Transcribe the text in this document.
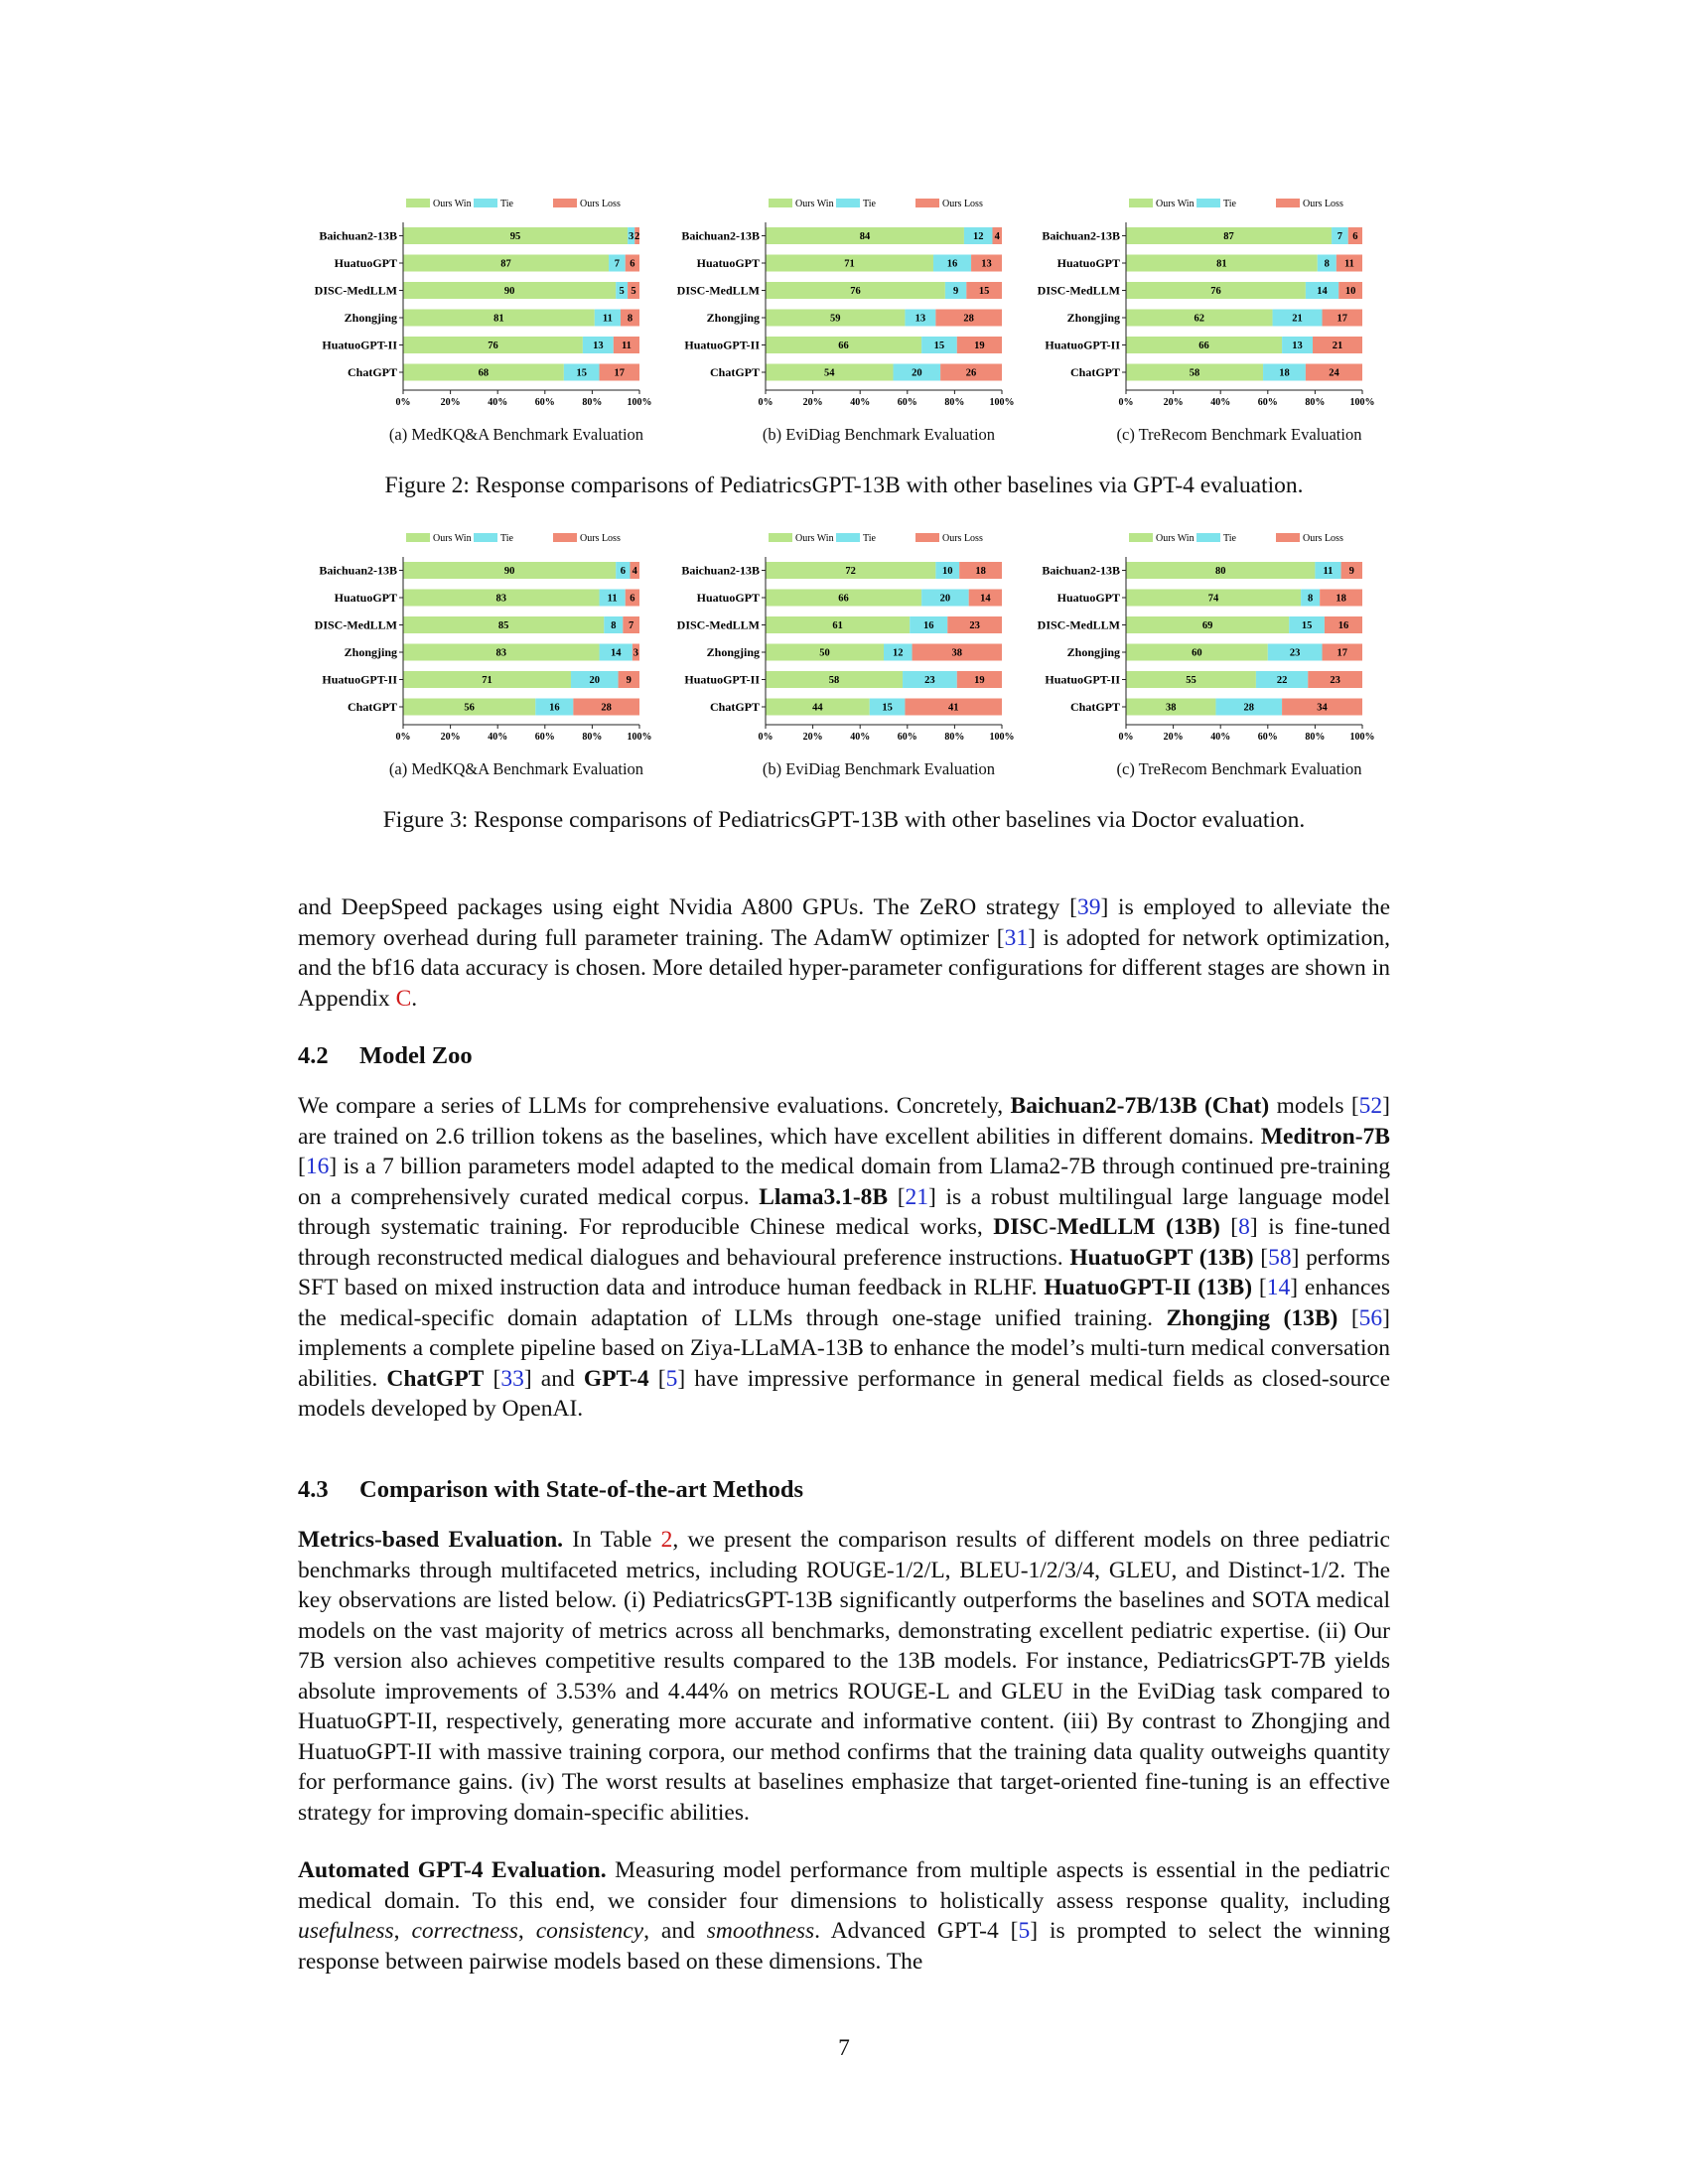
Ours Win	Tie	Ours Loss
95	3 2
Baichuan2-13B
87	7 6
HuatuoGPT
90	5 5
DISC-MedLLM
81	11 8
Zhongjing
76	13 11
HuatuoGPT-II
68	15	17
ChatGPT
0%	20%	40%	60%	80%	100%
Ours Win	Tie	Ours Loss
84	12 4
Baichuan2-13B
71	16 13
HuatuoGPT
76	9 15
DISC-MedLLM
59	13	28
Zhongjing
66	15	19
HuatuoGPT-II
54	20	26
ChatGPT
0%	20%	40%	60%	80%	100%
Ours Win	Tie	Ours Loss
87	7 6
Baichuan2-13B
81	8 11
HuatuoGPT
76	14 10
DISC-MedLLM
62	21	17
Zhongjing
66	13	21
HuatuoGPT-II
58	18	24
ChatGPT
0%	20%	40%	60%	80%	100%
(a) MedKQ&A Benchmark Evaluation	(b) EviDiag Benchmark Evaluation	(c) TreRecom Benchmark Evaluation
Figure 2: Response comparisons of PediatricsGPT-13B with other baselines via GPT-4 evaluation.
Ours Win	Tie	Ours Loss
90	6 4
Baichuan2-13B
83	11 6
HuatuoGPT
85	8 7
DISC-MedLLM
83	14 3
Zhongjing
71	20	9
HuatuoGPT-II
56	16	28
ChatGPT
0%	20%	40%	60%	80%	100%
Ours Win	Tie	Ours Loss
72	10 18
Baichuan2-13B
66	20	14
HuatuoGPT
61	16	23
DISC-MedLLM
50	12	38
Zhongjing
58	23	19
HuatuoGPT-II
44	15	41
ChatGPT
0%	20%	40%	60%	80%	100%
Ours Win	Tie	Ours Loss
80	11 9
Baichuan2-13B
74	8 18
HuatuoGPT
69	15	16
DISC-MedLLM
60	23	17
Zhongjing
55	22	23
HuatuoGPT-II
38	28	34
ChatGPT
0%	20%	40%	60%	80%	100%
(a) MedKQ&A Benchmark Evaluation	(b) EviDiag Benchmark Evaluation	(c) TreRecom Benchmark Evaluation
Figure 3: Response comparisons of PediatricsGPT-13B with other baselines via Doctor evaluation.

and DeepSpeed packages using eight Nvidia A800 GPUs. The ZeRO strategy [39] is employed to alleviate the memory overhead during full parameter training. The AdamW optimizer [31] is adopted for network optimization, and the bf16 data accuracy is chosen. More detailed hyper-parameter configurations for different stages are shown in Appendix C.

4.2 Model Zoo

We compare a series of LLMs for comprehensive evaluations. Concretely, Baichuan2-7B/13B (Chat) models [52] are trained on 2.6 trillion tokens as the baselines, which have excellent abilities in different domains. Meditron-7B [16] is a 7 billion parameters model adapted to the medical domain from Llama2-7B through continued pre-training on a comprehensively curated medical corpus. Llama3.1-8B [21] is a robust multilingual large language model through systematic training. For reproducible Chinese medical works, DISC-MedLLM (13B) [8] is fine-tuned through reconstructed medical dialogues and behavioural preference instructions. HuatuoGPT (13B) [58] performs SFT based on mixed instruction data and introduce human feedback in RLHF. HuatuoGPT-II (13B) [14] enhances the medical-specific domain adaptation of LLMs through one-stage unified training. Zhongjing (13B) [56] implements a complete pipeline based on Ziya-LLaMA-13B to enhance the model’s multi-turn medical conversation abilities. ChatGPT [33] and GPT-4 [5] have impressive performance in general medical fields as closed-source models developed by OpenAI.

4.3 Comparison with State-of-the-art Methods

Metrics-based Evaluation. In Table 2, we present the comparison results of different models on three pediatric benchmarks through multifaceted metrics, including ROUGE-1/2/L, BLEU-1/2/3/4, GLEU, and Distinct-1/2. The key observations are listed below. (i) PediatricsGPT-13B significantly outperforms the baselines and SOTA medical models on the vast majority of metrics across all benchmarks, demonstrating excellent pediatric expertise. (ii) Our 7B version also achieves competitive results compared to the 13B models. For instance, PediatricsGPT-7B yields absolute improvements of 3.53% and 4.44% on metrics ROUGE-L and GLEU in the EviDiag task compared to HuatuoGPT-II, respectively, generating more accurate and informative content. (iii) By contrast to Zhongjing and HuatuoGPT-II with massive training corpora, our method confirms that the training data quality outweighs quantity for performance gains. (iv) The worst results at baselines emphasize that target-oriented fine-tuning is an effective strategy for improving domain-specific abilities.

Automated GPT-4 Evaluation. Measuring model performance from multiple aspects is essential in the pediatric medical domain. To this end, we consider four dimensions to holistically assess response quality, including usefulness, correctness, consistency, and smoothness. Advanced GPT-4 [5] is prompted to select the winning response between pairwise models based on these dimensions. The

7
